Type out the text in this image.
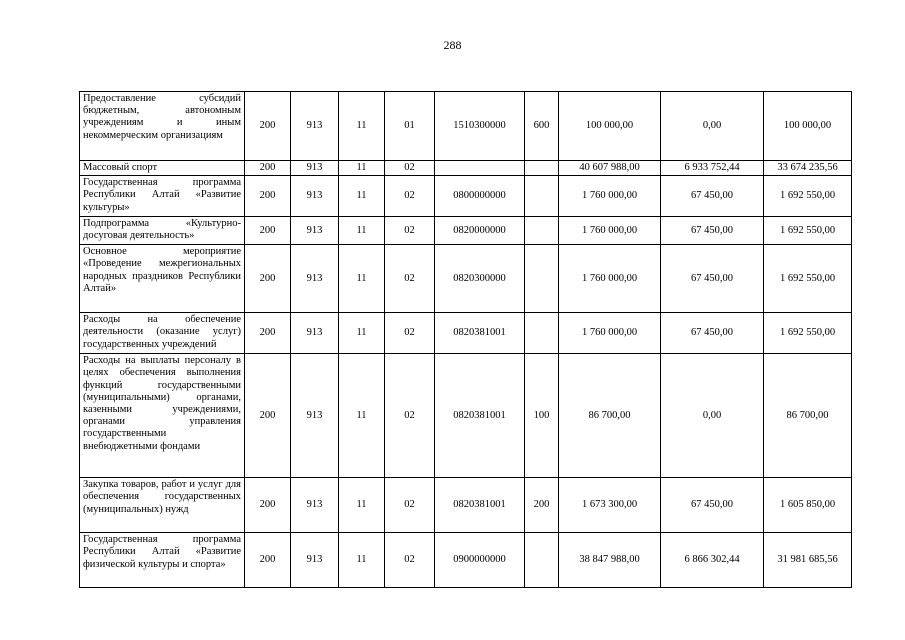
288
Предоставление субсидий бюджетным, автономным учреждениям и иным некоммерческим организациям	200	913	11	01	1510300000	600	100 000,00	0,00	100 000,00
Массовый спорт	200	913	11	02			40 607 988,00	6 933 752,44	33 674 235,56
Государственная программа Республики Алтай «Развитие культуры»	200	913	11	02	0800000000		1 760 000,00	67 450,00	1 692 550,00
Подпрограмма «Культурно-досуговая деятельность»	200	913	11	02	0820000000		1 760 000,00	67 450,00	1 692 550,00
Основное мероприятие «Проведение межрегиональных народных праздников Республики Алтай»	200	913	11	02	0820300000		1 760 000,00	67 450,00	1 692 550,00
Расходы на обеспечение деятельности (оказание услуг) государственных учреждений	200	913	11	02	0820381001		1 760 000,00	67 450,00	1 692 550,00
Расходы на выплаты персоналу в целях обеспечения выполнения функций государственными (муниципальными) органами, казенными учреждениями, органами управления государственными внебюджетными фондами	200	913	11	02	0820381001	100	86 700,00	0,00	86 700,00
Закупка товаров, работ и услуг для обеспечения государственных (муниципальных) нужд	200	913	11	02	0820381001	200	1 673 300,00	67 450,00	1 605 850,00
Государственная программа Республики Алтай «Развитие физической культуры и спорта»	200	913	11	02	0900000000		38 847 988,00	6 866 302,44	31 981 685,56
